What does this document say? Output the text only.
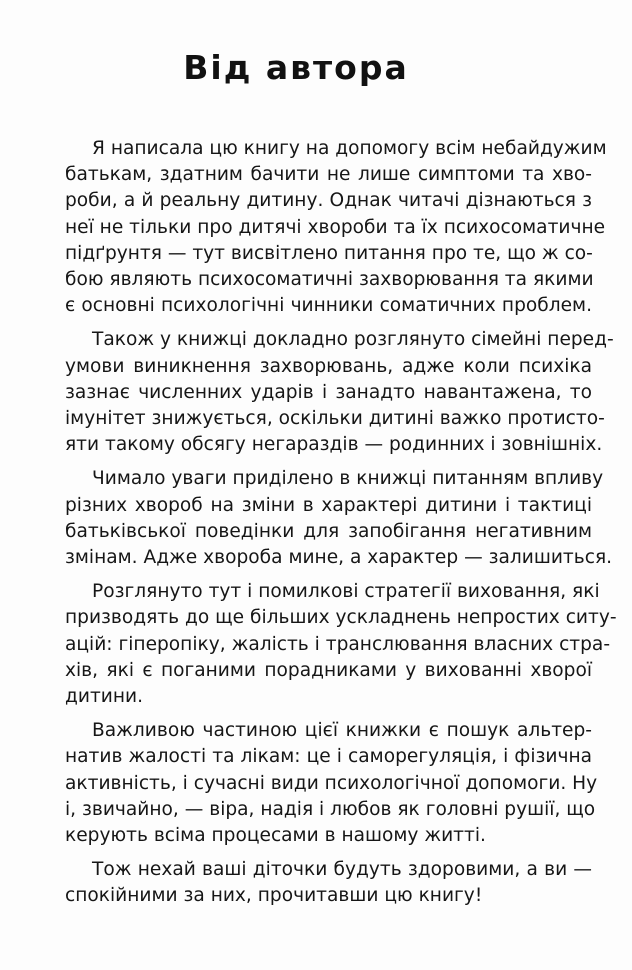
Від автора
Я написала цю книгу на допомогу всім небайдужим
батькам, здатним бачити не лише симптоми та хво-
роби, а й реальну дитину. Однак читачі дізнаються з
неї не тільки про дитячі хвороби та їх психосоматичне
підґрунтя — тут висвітлено питання про те, що ж со-
бою являють психосоматичні захворювання та якими
є основні психологічні чинники соматичних проблем.
Також у книжці докладно розглянуто сімейні перед-
умови виникнення захворювань, адже коли психіка
зазнає численних ударів і занадто навантажена, то
імунітет знижується, оскільки дитині важко протисто-
яти такому обсягу негараздів — родинних і зовнішніх.
Чимало уваги приділено в книжці питанням впливу
різних хвороб на зміни в характері дитини і тактиці
батьківської поведінки для запобігання негативним
змінам. Адже хвороба мине, а характер — залишиться.
Розглянуто тут і помилкові стратегії виховання, які
призводять до ще більших ускладнень непростих ситу-
ацій: гіперопіку, жалість і транслювання власних стра-
хів, які є поганими порадниками у вихованні хворої
дитини.
Важливою частиною цієї книжки є пошук альтер-
натив жалості та лікам: це і саморегуляція, і фізична
активність, і сучасні види психологічної допомоги. Ну
і, звичайно, — віра, надія і любов як головні рушії, що
керують всіма процесами в нашому житті.
Тож нехай ваші діточки будуть здоровими, а ви —
спокійними за них, прочитавши цю книгу!
